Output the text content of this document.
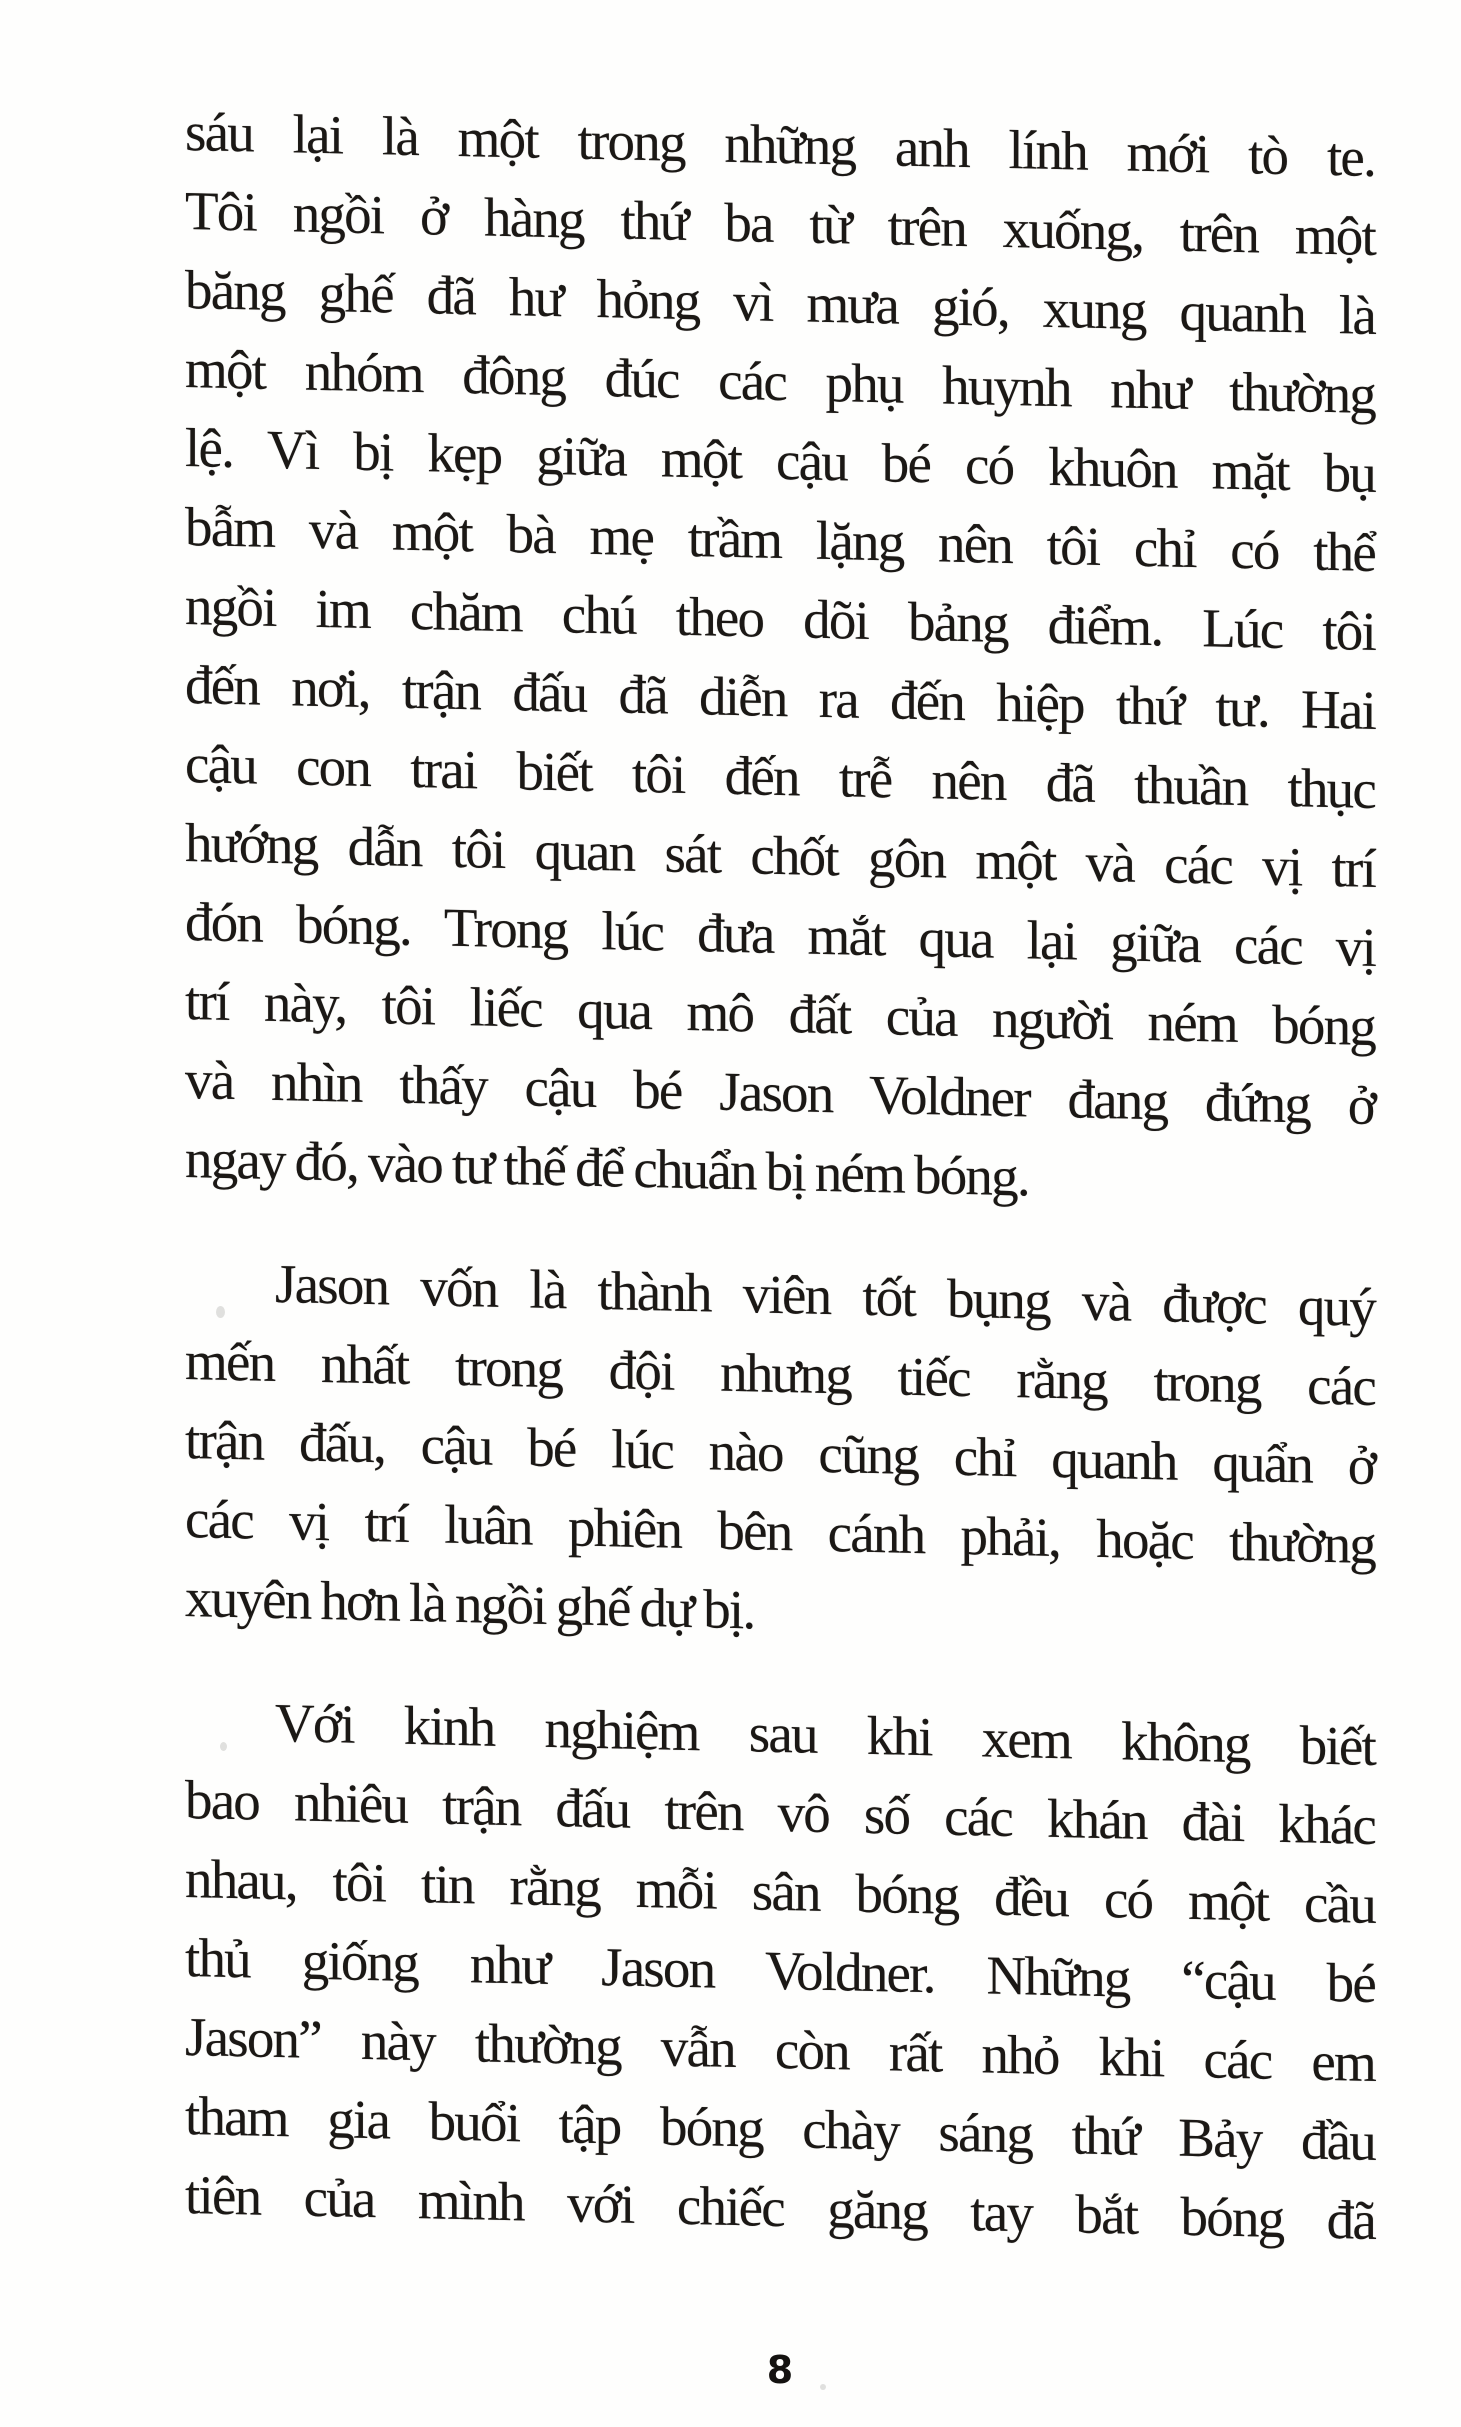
sáu lại là một trong những anh lính mới tò te.
Tôi ngồi ở hàng thứ ba từ trên xuống, trên một
băng ghế đã hư hỏng vì mưa gió, xung quanh là
một nhóm đông đúc các phụ huynh như thường
lệ. Vì bị kẹp giữa một cậu bé có khuôn mặt bụ
bẫm và một bà mẹ trầm lặng nên tôi chỉ có thể
ngồi im chăm chú theo dõi bảng điểm. Lúc tôi
đến nơi, trận đấu đã diễn ra đến hiệp thứ tư. Hai
cậu con trai biết tôi đến trễ nên đã thuần thục
hướng dẫn tôi quan sát chốt gôn một và các vị trí
đón bóng. Trong lúc đưa mắt qua lại giữa các vị
trí này, tôi liếc qua mô đất của người ném bóng
và nhìn thấy cậu bé Jason Voldner đang đứng ở
ngay đó, vào tư thế để chuẩn bị ném bóng.
Jason vốn là thành viên tốt bụng và được quý
mến nhất trong đội nhưng tiếc rằng trong các
trận đấu, cậu bé lúc nào cũng chỉ quanh quẩn ở
các vị trí luân phiên bên cánh phải, hoặc thường
xuyên hơn là ngồi ghế dự bị.
Với kinh nghiệm sau khi xem không biết
bao nhiêu trận đấu trên vô số các khán đài khác
nhau, tôi tin rằng mỗi sân bóng đều có một cầu
thủ giống như Jason Voldner. Những “cậu bé
Jason” này thường vẫn còn rất nhỏ khi các em
tham gia buổi tập bóng chày sáng thứ Bảy đầu
tiên của mình với chiếc găng tay bắt bóng đã
8
